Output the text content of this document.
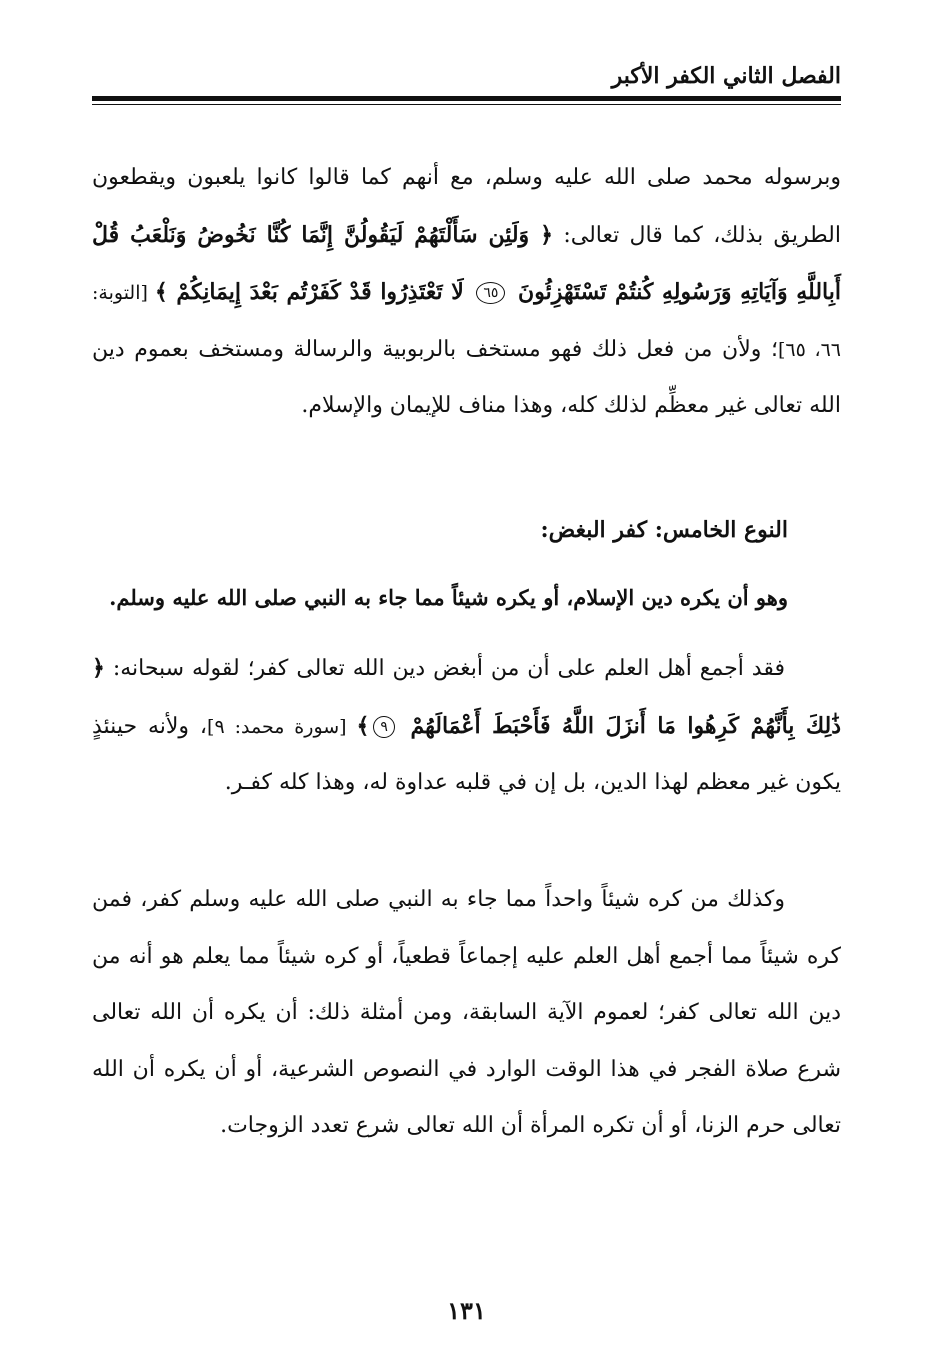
الفصل الثاني الكفر الأكبر
وبرسوله محمد صلى الله عليه وسلم، مع أنهم كما قالوا كانوا يلعبون ويقطعون الطريق بذلك، كما قال تعالى: ﴿ وَلَئِن سَأَلْتَهُمْ لَيَقُولُنَّ إِنَّمَا كُنَّا نَخُوضُ وَنَلْعَبُ قُلْ أَبِاللَّهِ وَآيَاتِهِ وَرَسُولِهِ كُنتُمْ تَسْتَهْزِئُونَ ٦٥ لَا تَعْتَذِرُوا قَدْ كَفَرْتُم بَعْدَ إِيمَانِكُمْ ﴾ [التوبة: ٦٦، ٦٥]؛ ولأن من فعل ذلك فهو مستخف بالربوبية والرسالة ومستخف بعموم دين الله تعالى غير معظِّم لذلك كله، وهذا مناف للإيمان والإسلام.
النوع الخامس: كفر البغض:
وهو أن يكره دين الإسلام، أو يكره شيئاً مما جاء به النبي صلى الله عليه وسلم.
فقد أجمع أهل العلم على أن من أبغض دين الله تعالى كفر؛ لقوله سبحانه: ﴿ ذَٰلِكَ بِأَنَّهُمْ كَرِهُوا مَا أَنزَلَ اللَّهُ فَأَحْبَطَ أَعْمَالَهُمْ ٩﴾ [سورة محمد: ٩]، ولأنه حينئذٍ يكون غير معظم لهذا الدين، بل إن في قلبه عداوة له، وهذا كله كفـر.
وكذلك من كره شيئاً واحداً مما جاء به النبي صلى الله عليه وسلم كفر، فمن كره شيئاً مما أجمع أهل العلم عليه إجماعاً قطعياً، أو كره شيئاً مما يعلم هو أنه من دين الله تعالى كفر؛ لعموم الآية السابقة، ومن أمثلة ذلك: أن يكره أن الله تعالى شرع صلاة الفجر في هذا الوقت الوارد في النصوص الشرعية، أو أن يكره أن الله تعالى حرم الزنا، أو أن تكره المرأة أن الله تعالى شرع تعدد الزوجات.
١٣١
